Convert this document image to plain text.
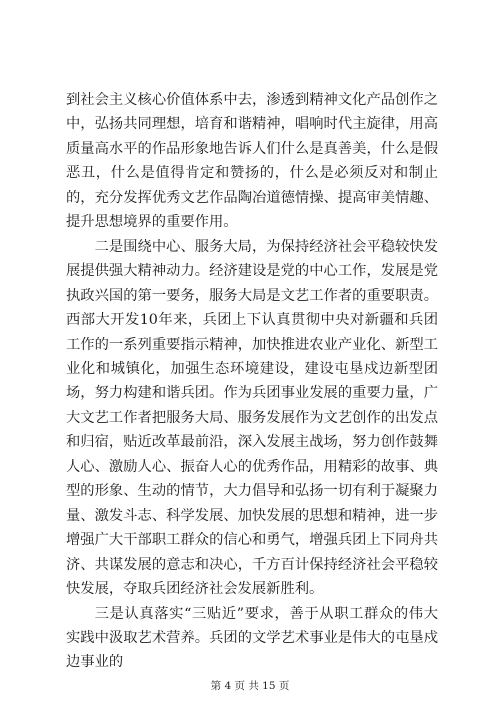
到社会主义核心价值体系中去，渗透到精神文化产品创作之中，弘扬共同理想，培育和谐精神，唱响时代主旋律，用高质量高水平的作品形象地告诉人们什么是真善美，什么是假恶丑，什么是值得肯定和赞扬的，什么是必须反对和制止的，充分发挥优秀文艺作品陶冶道德情操、提高审美情趣、提升思想境界的重要作用。

二是围绕中心、服务大局，为保持经济社会平稳较快发展提供强大精神动力。经济建设是党的中心工作，发展是党执政兴国的第一要务，服务大局是文艺工作者的重要职责。西部大开发10年来，兵团上下认真贯彻中央对新疆和兵团工作的一系列重要指示精神，加快推进农业产业化、新型工业化和城镇化，加强生态环境建设，建设屯垦戍边新型团场，努力构建和谐兵团。作为兵团事业发展的重要力量，广大文艺工作者把服务大局、服务发展作为文艺创作的出发点和归宿，贴近改革最前沿，深入发展主战场，努力创作鼓舞人心、激励人心、振奋人心的优秀作品，用精彩的故事、典型的形象、生动的情节，大力倡导和弘扬一切有利于凝聚力量、激发斗志、科学发展、加快发展的思想和精神，进一步增强广大干部职工群众的信心和勇气，增强兵团上下同舟共济、共谋发展的意志和决心，千方百计保持经济社会平稳较快发展，夺取兵团经济社会发展新胜利。

三是认真落实“三贴近”要求，善于从职工群众的伟大实践中汲取艺术营养。兵团的文学艺术事业是伟大的屯垦戍边事业的

第 4 页 共 15 页
